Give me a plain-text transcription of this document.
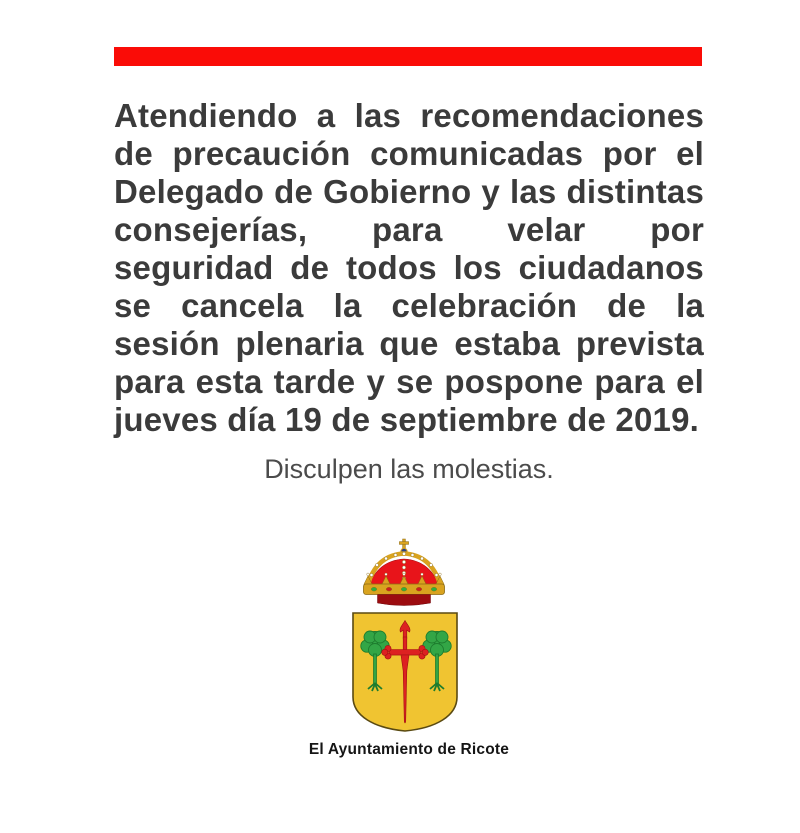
Atendiendo a las recomendaciones de precaución comunicadas por el Delegado de Gobierno y las distintas consejerías, para velar por seguridad de todos los ciudadanos se cancela la celebración de la sesión plenaria que estaba prevista para esta tarde y se pospone para el jueves día 19 de septiembre de 2019.
Disculpen las molestias.
El Ayuntamiento de Ricote
